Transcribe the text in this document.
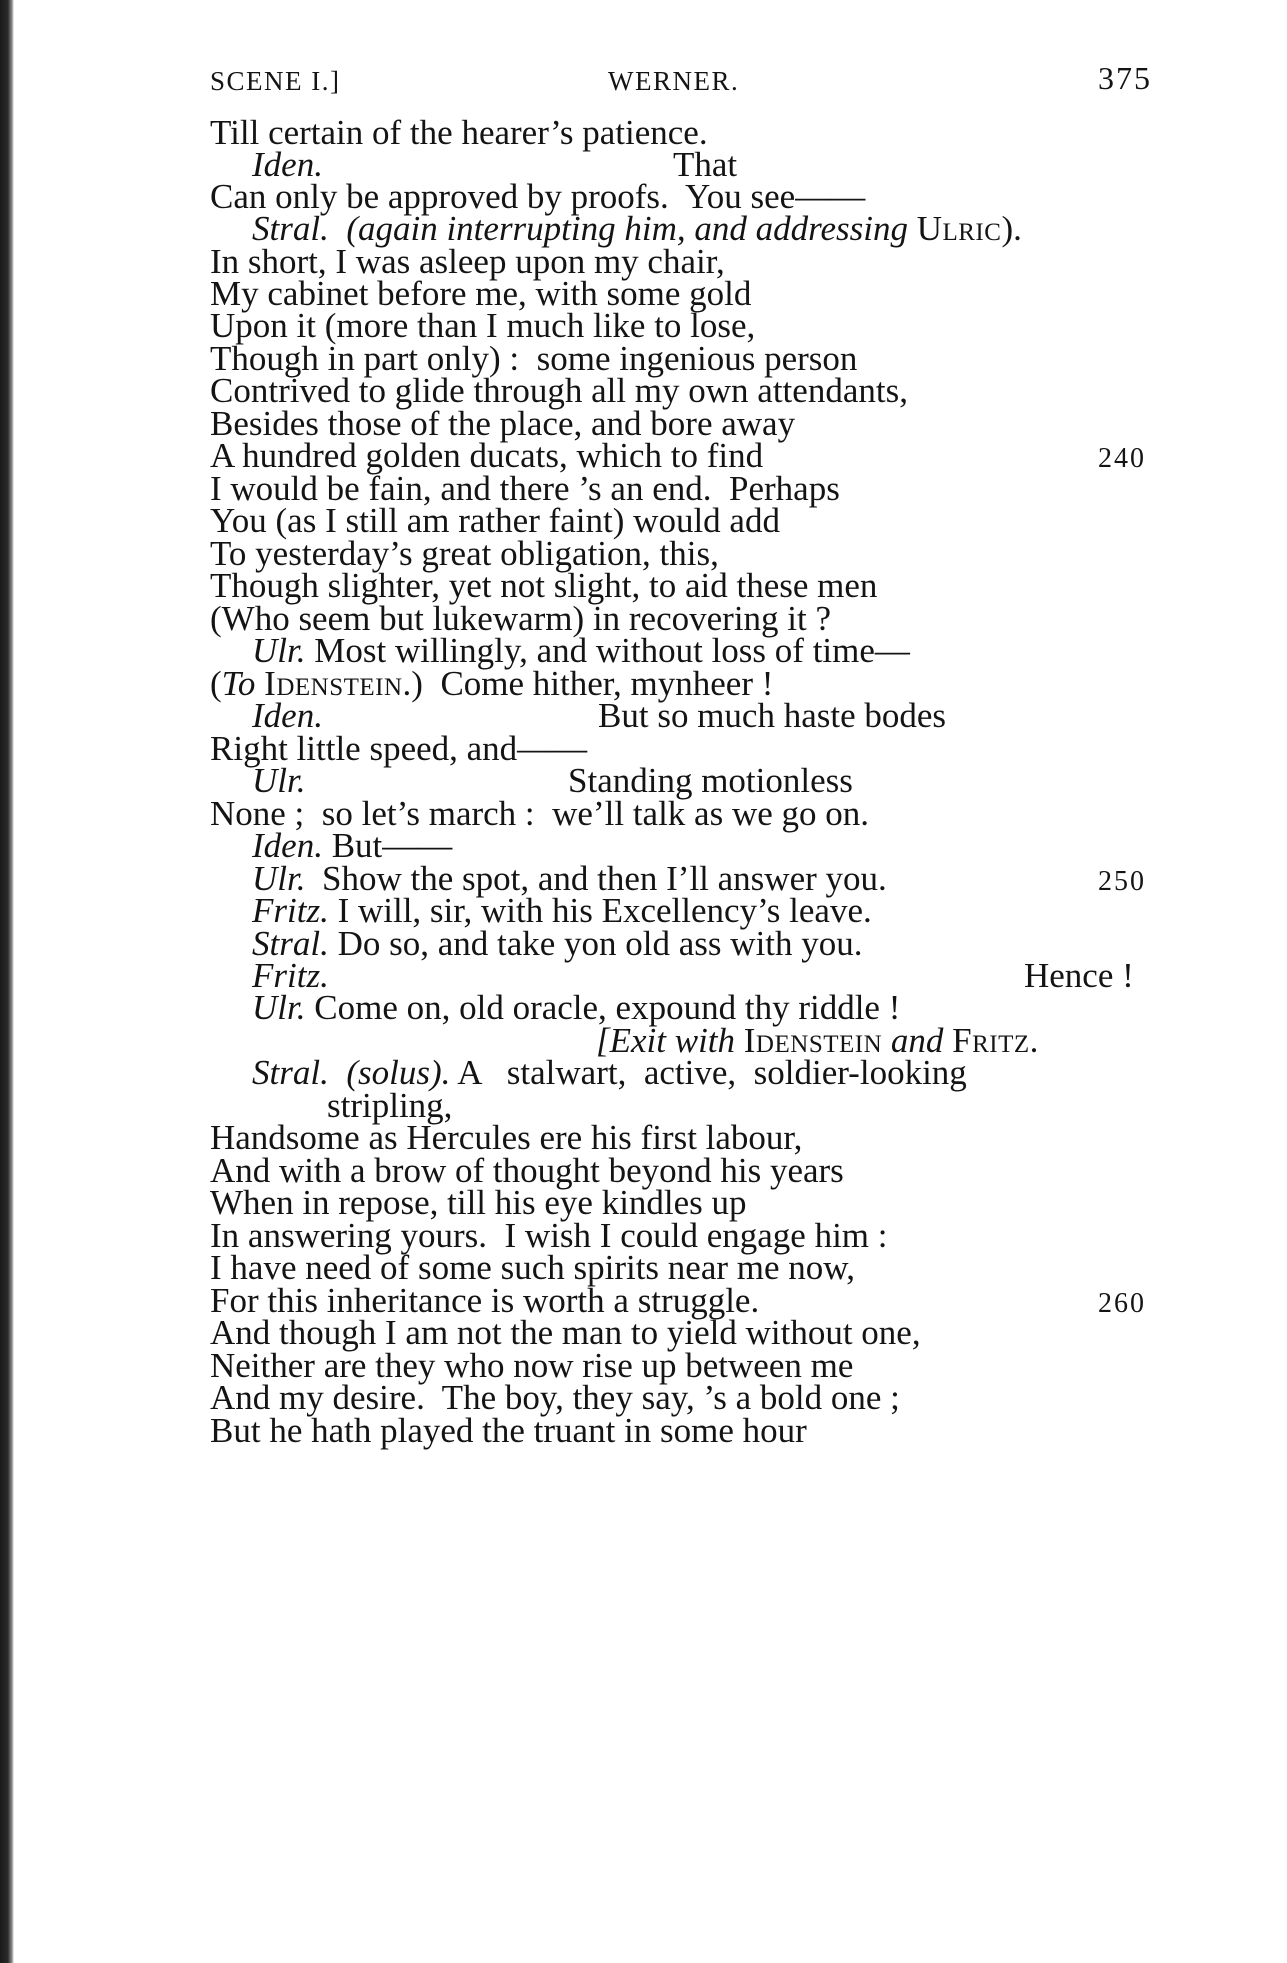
SCENE I.]	WERNER.	375
Till certain of the hearer’s patience.
Iden.	That
Can only be approved by proofs.  You see——
Stral. (again interrupting him, and addressing Ulric).
In short, I was asleep upon my chair,
My cabinet before me, with some gold
Upon it (more than I much like to lose,
Though in part only) :  some ingenious person
Contrived to glide through all my own attendants,
Besides those of the place, and bore away
A hundred golden ducats, which to find	240
I would be fain, and there ’s an end.  Perhaps
You (as I still am rather faint) would add
To yesterday’s great obligation, this,
Though slighter, yet not slight, to aid these men
(Who seem but lukewarm) in recovering it ?
Ulr. Most willingly, and without loss of time—
(To Idenstein.)  Come hither, mynheer !
Iden.	But so much haste bodes
Right little speed, and——
Ulr.	Standing motionless
None ;  so let’s march :  we’ll talk as we go on.
Iden. But——
Ulr. Show the spot, and then I’ll answer you.	250
Fritz. I will, sir, with his Excellency’s leave.
Stral. Do so, and take yon old ass with you.
Fritz.	Hence !
Ulr. Come on, old oracle, expound thy riddle !
[Exit with Idenstein and Fritz.
Stral. (solus). A   stalwart,  active,  soldier-looking
stripling,
Handsome as Hercules ere his first labour,
And with a brow of thought beyond his years
When in repose, till his eye kindles up
In answering yours.  I wish I could engage him :
I have need of some such spirits near me now,
For this inheritance is worth a struggle.	260
And though I am not the man to yield without one,
Neither are they who now rise up between me
And my desire.  The boy, they say, ’s a bold one ;
But he hath played the truant in some hour
